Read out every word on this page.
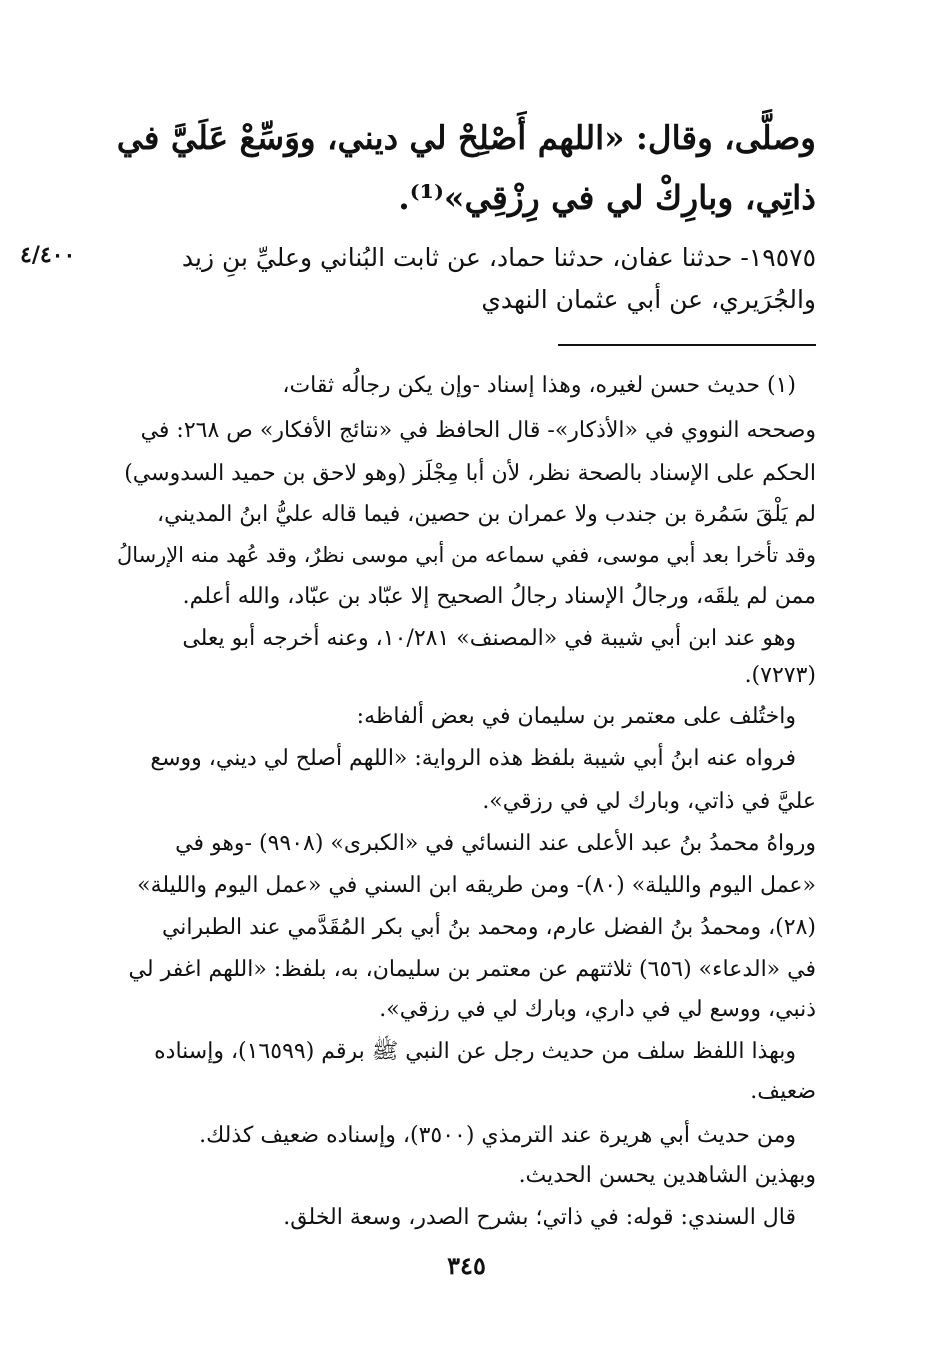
وصلَّى، وقال: «اللهم أَصْلِحْ لي ديني، ووَسِّعْ عَلَيَّ في
ذاتِي، وبارِكْ لي في رِزْقِي»⁽¹⁾.
٤/٤٠٠	١٩٥٧٥- حدثنا عفان، حدثنا حماد، عن ثابت البُناني وعليِّ بنِ زيد
والجُرَيري، عن أبي عثمان النهدي
(١) حديث حسن لغيره، وهذا إسناد -وإن يكن رجالُه ثقات،
وصححه النووي في «الأذكار»- قال الحافظ في «نتائج الأفكار» ص ٢٦٨: في
الحكم على الإسناد بالصحة نظر، لأن أبا مِجْلَز (وهو لاحق بن حميد السدوسي)
لم يَلْقَ سَمُرة بن جندب ولا عمران بن حصين، فيما قاله عليُّ ابنُ المديني،
وقد تأخرا بعد أبي موسى، ففي سماعه من أبي موسى نظرٌ، وقد عُهد منه الإرسالُ
ممن لم يلقَه، ورجالُ الإسناد رجالُ الصحيح إلا عبّاد بن عبّاد، والله أعلم.
وهو عند ابن أبي شيبة في «المصنف» ١٠/٢٨١، وعنه أخرجه أبو يعلى
(٧٢٧٣).
واختُلف على معتمر بن سليمان في بعض ألفاظه:
فرواه عنه ابنُ أبي شيبة بلفظ هذه الرواية: «اللهم أصلح لي ديني، ووسع
عليَّ في ذاتي، وبارك لي في رزقي».
ورواهُ محمدُ بنُ عبد الأعلى عند النسائي في «الكبرى» (٩٩٠٨) -وهو في
«عمل اليوم والليلة» (٨٠)- ومن طريقه ابن السني في «عمل اليوم والليلة»
(٢٨)، ومحمدُ بنُ الفضل عارم، ومحمد بنُ أبي بكر المُقَدَّمي عند الطبراني
في «الدعاء» (٦٥٦) ثلاثتهم عن معتمر بن سليمان، به، بلفظ: «اللهم اغفر لي
ذنبي، ووسع لي في داري، وبارك لي في رزقي».
وبهذا اللفظ سلف من حديث رجل عن النبي ﷺ برقم (١٦٥٩٩)، وإسناده
ضعيف.
ومن حديث أبي هريرة عند الترمذي (٣٥٠٠)، وإسناده ضعيف كذلك.
وبهذين الشاهدين يحسن الحديث.
قال السندي: قوله: في ذاتي؛ بشرح الصدر، وسعة الخلق.
٣٤٥
